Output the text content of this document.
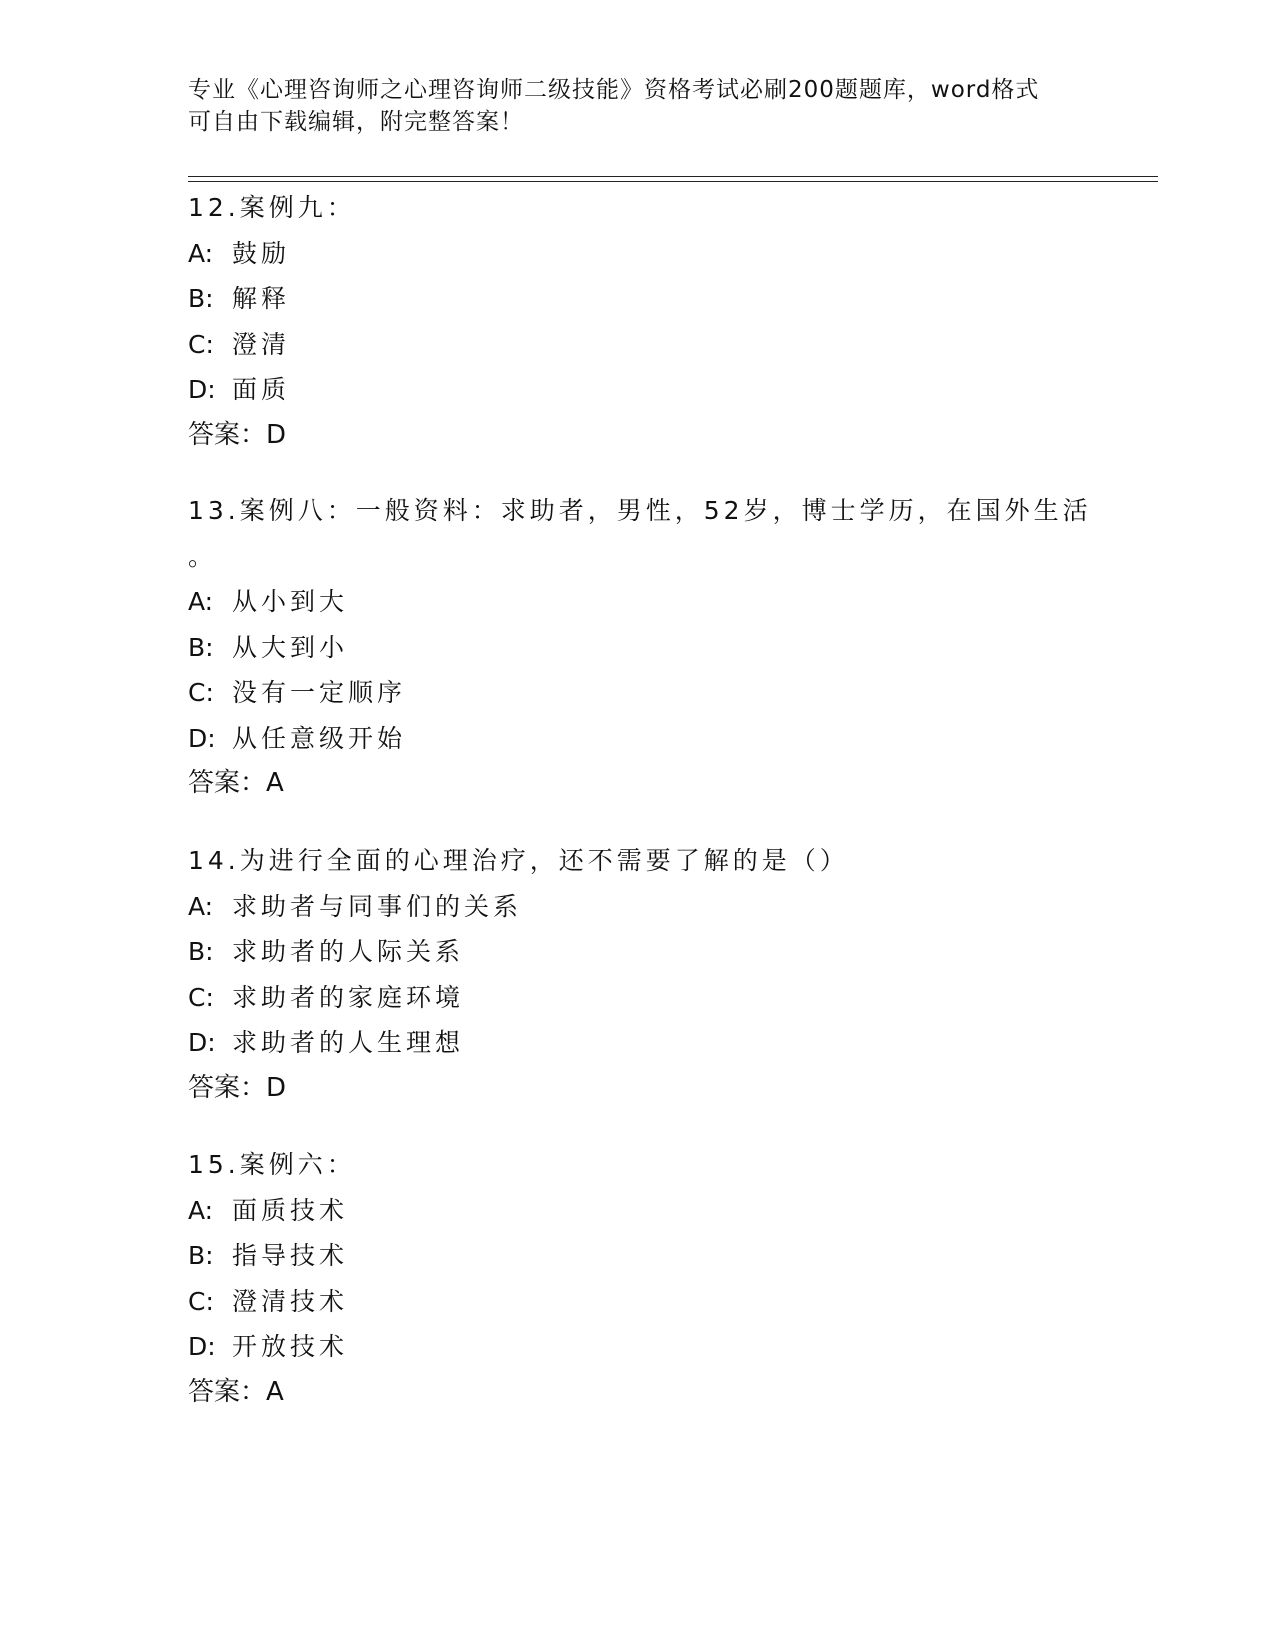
专业《心理咨询师之心理咨询师二级技能》资格考试必刷200题题库，word格式
可自由下载编辑，附完整答案！
12.案例九：
A: 鼓励
B: 解释
C: 澄清
D: 面质
答案：D
13.案例八：一般资料：求助者，男性，52岁，博士学历，在国外生活
。
A: 从小到大
B: 从大到小
C: 没有一定顺序
D: 从任意级开始
答案：A
14.为进行全面的心理治疗，还不需要了解的是（）
A: 求助者与同事们的关系
B: 求助者的人际关系
C: 求助者的家庭环境
D: 求助者的人生理想
答案：D
15.案例六：
A: 面质技术
B: 指导技术
C: 澄清技术
D: 开放技术
答案：A
